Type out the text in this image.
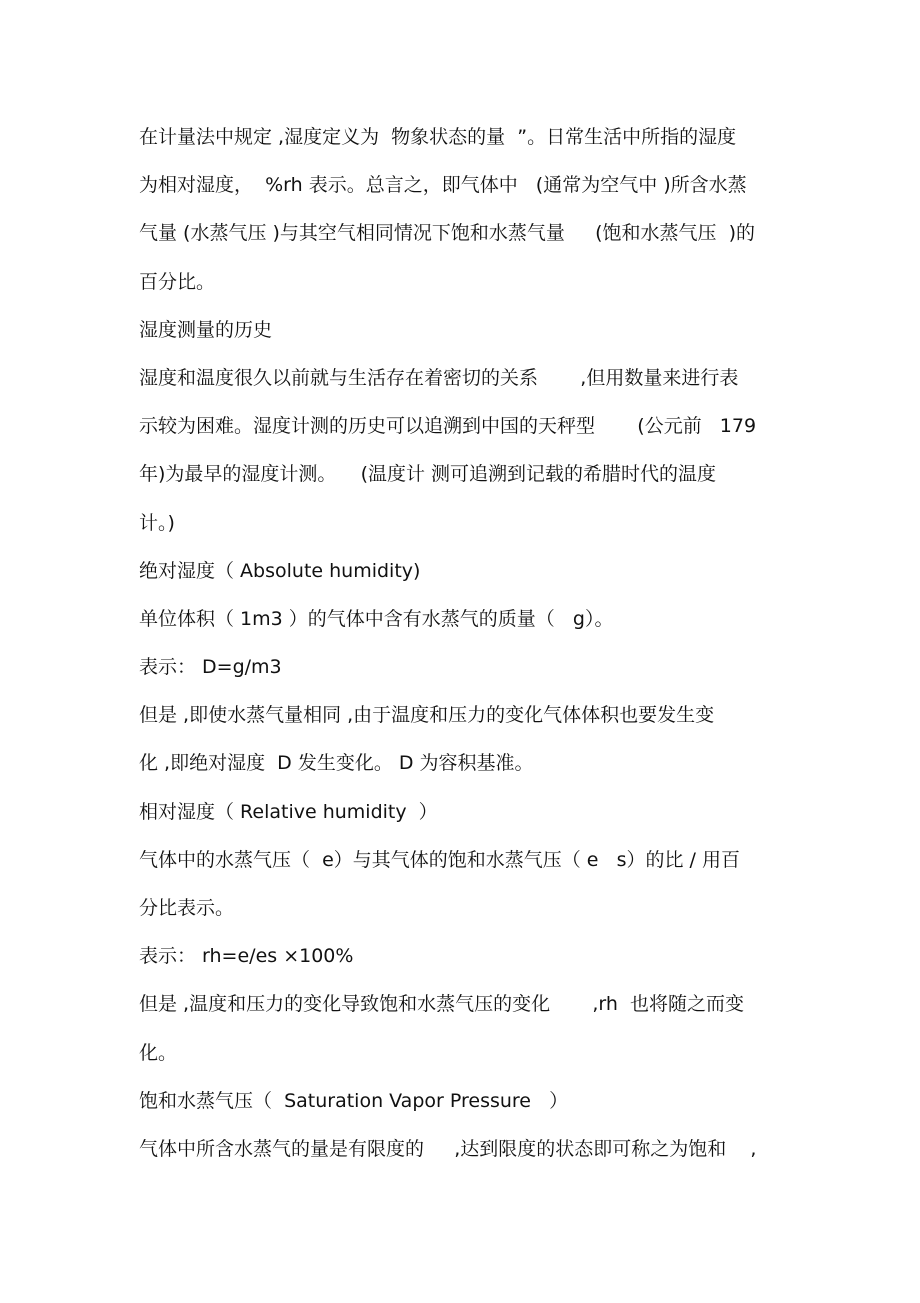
在计量法中规定 ,湿度定义为  物象状态的量  ”。日常生活中所指的湿度
为相对湿度，  %rh 表示。总言之，即气体中   (通常为空气中 )所含水蒸
气量 (水蒸气压 )与其空气相同情况下饱和水蒸气量     (饱和水蒸气压  )的
百分比。
湿度测量的历史
湿度和温度很久以前就与生活存在着密切的关系       ,但用数量来进行表
示较为困难。湿度计测的历史可以追溯到中国的天秤型       (公元前   179
年)为最早的湿度计测。    (温度计 测可追溯到记载的希腊时代的温度
计。)
绝对湿度（ Absolute humidity)
单位体积（ 1m3 ）的气体中含有水蒸气的质量（   g）。
表示： D=g/m3
但是 ,即使水蒸气量相同 ,由于温度和压力的变化气体体积也要发生变
化 ,即绝对湿度  D 发生变化。 D 为容积基准。
相对湿度（ Relative humidity  ）
气体中的水蒸气压（  e）与其气体的饱和水蒸气压（ e   s）的比 / 用百
分比表示。
表示： rh=e/es ×100%
但是 ,温度和压力的变化导致饱和水蒸气压的变化       ,rh  也将随之而变
化。
饱和水蒸气压（  Saturation Vapor Pressure   ）
气体中所含水蒸气的量是有限度的     ,达到限度的状态即可称之为饱和    ,
